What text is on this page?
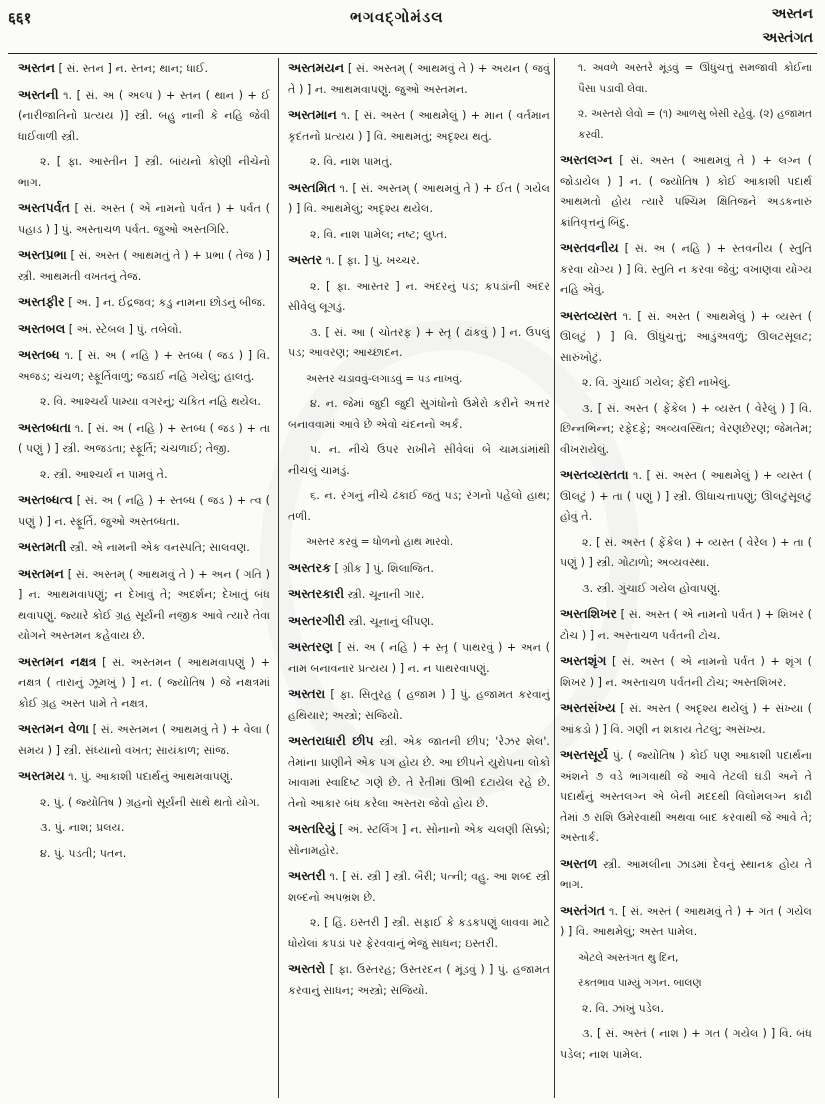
६६१	ભગવદ્ગોમંડલ	અસ્તન
અસ્તંગત
અસ્તન [ સં. સ્તન ] ન. સ્તન; થાન; ધાઈ.
અસ્તની ૧. [ સં. અ ( અલ્પ ) + સ્તન ( થાન ) + ઈ (નારીજાતિનો પ્રત્યય )] સ્ત્રી. બહુ નાની કે નહિ જેવી ધાઈવાળી સ્ત્રી.
૨. [ ફા. આસ્તીન ] સ્ત્રી. બાંયનો કોણી નીચેનો ભાગ.
અસ્તપર્વત [ સં. અસ્ત ( એ નામનો પર્વત ) + પર્વત ( પહાડ ) ] પું. અસ્તાચળ પર્વત. જુઓ અસ્તગિરિ.
અસ્તપ્રભા [ સં. અસ્ત ( આથમતું તે ) + પ્રભા ( તેજ ) ] સ્ત્રી. આથમતી વખતનું તેજ.
અસ્તફીર [ અ. ] ન. ઈદ્રજવ; કડુ નામના છોડનું બીજ.
અસ્તબલ [ અં. સ્ટેબલ ] પું. તબેલો.
અસ્તબ્ધ ૧. [ સં. અ ( નહિ ) + સ્તબ્ધ ( જડ ) ] વિ. અજડ; ચંચળ; સ્ફૂર્તિવાળું; જડાઈ નહિ ગયેલું; હાલતું.
૨. વિ. આશ્ચર્ય પામ્યા વગરનું; ચકિત નહિ થયેલ.
અસ્તબ્ધતા ૧. [ સં. અ ( નહિ ) + સ્તબ્ધ ( જડ ) + તા ( પણું ) ] સ્ત્રી. અજડતા; સ્ફૂર્તિ; ચંચળાઈ; તેજી.
૨. સ્ત્રી. આશ્ચર્ય ન પામવું તે.
અસ્તબ્ધત્વ [ સં. અ ( નહિ ) + સ્તબ્ધ ( જડ ) + ત્વ ( પણું ) ] ન. સ્ફૂર્તિ. જુઓ અસ્તબ્ધતા.
અસ્તમતી સ્ત્રી. એ નામની એક વનસ્પતિ; સાલવણ.
અસ્તમન [ સં. અસ્તમ્ ( આથમવું તે ) + અન ( ગતિ ) ] ન. આથમવાપણું; ન દેખાવું તે; અદર્શન; દેખાતું બંધ થવાપણું. જ્યારે કોઈ ગ્રહ સૂર્યની નજીક આવે ત્યારે તેવા યોગને અસ્તમન કહેવાય છે.
અસ્તમન નક્ષત્ર [ સં. અસ્તમન ( આથમવાપણું ) + નક્ષત્ર ( તારાનું ઝૂમખું ) ] ન. ( જ્યોતિષ ) જે નક્ષત્રમાં કોઈ ગ્રહ અસ્ત પામે તે નક્ષત્ર.
અસ્તમન વેળા [ સં. અસ્તમન ( આથમવું તે ) + વેલા ( સમય ) ] સ્ત્રી. સંધ્યાનો વખત; સાયંકાળ; સાંજ.
અસ્તમય ૧. પું. આકાશી પદાર્થનું આથમવાપણું.
૨. પું. ( જ્યોતિષ ) ગ્રહનો સૂર્યની સાથે થતો યોગ.
૩. પું. નાશ; પ્રલય.
૪. પું. પડતી; પતન.
અસ્તમયન [ સં. અસ્તમ્ ( આથમવું તે ) + અયન ( જવું તે ) ] ન. આથમવાપણું. જુઓ અસ્તમન.
અસ્તમાન ૧. [ સં. અસ્ત ( આથમેલું ) + માન ( વર્તમાન કૃદંતનો પ્રત્યય ) ] વિ. આથમતું; અદૃશ્ય થતું.
૨. વિ. નાશ પામતું.
અસ્તમિત ૧. [ સં. અસ્તમ્ ( આથમવું તે ) + ઈત ( ગયેલ ) ] વિ. આથમેલું; અદૃશ્ય થયેલ.
૨. વિ. નાશ પામેલ; નષ્ટ; લુપ્ત.
અસ્તર ૧. [ ફા. ] પું. ખચ્ચર.
૨. [ ફા. આસ્તર ] ન. અંદરનું પડ; કપડાંની અંદર સીવેલું લૂગડું.
૩. [ સં. આ ( ચોતરફ ) + સ્તૃ ( ઢાંકવું ) ] ન. ઉપલું પડ; આવરણ; આચ્છાદન.
અસ્તર ચડાવવું-લગાડવું = પડ નાખવું.
૪. ન. જેમાં જુદી જુદી સુગંધોનો ઉમેરો કરીને અત્તર બનાવવામાં આવે છે એવો ચંદનનો અર્ક.
૫. ન. નીચે ઉપર રાખીને સીવેલાં બે ચામડાંમાંથી નીચલું ચામડું.
૬. ન. રંગનું નીચે ઢંકાઈ જતું પડ; રંગનો પહેલો હાથ; તળી.
અસ્તર કરવું = ધોળનો હાથ મારવો.
અસ્તરક [ ગ્રીક ] પું. શિલાજિત.
અસ્તરકારી સ્ત્રી. ચૂનાની ગાર.
અસ્તરગીરી સ્ત્રી. ચૂનાનું લીંપણ.
અસ્તરણ [ સં. અ ( નહિ ) + સ્તૃ ( પાથરવું ) + અન ( નામ બનાવનાર પ્રત્યય ) ] ન. ન પાથરવાપણું.
અસ્તરા [ ફા. સિતુરહ ( હજામ ) ] પું. હજામત કરવાનું હથિયાર; અસ્ત્રો; સજિયો.
અસ્તરાધારી છીપ સ્ત્રી. એક જાતની છીપ; 'રેઝર શેલ'. તેમાંના પ્રાણીને એક પગ હોય છે. આ છીપને યુરોપના લોકો ખાવામાં સ્વાદિષ્ટ ગણે છે. તે રેતીમાં ઊભી દટાયેલ રહે છે. તેનો આકાર બંધ કરેલા અસ્તરા જેવો હોય છે.
અસ્તરિયું [ અં. સ્ટર્લિંગ ] ન. સોનાનો એક ચલણી સિક્કો; સોનામહોર.
અસ્તરી ૧. [ સં. સ્ત્રી ] સ્ત્રી. બૈરી; પત્ની; વહુ. આ શબ્દ સ્ત્રી શબ્દનો અપભ્રંશ છે.
૨. [ હિં. ઇસ્તરી ] સ્ત્રી. સફાઈ કે કડકપણું લાવવા માટે ધોયેલાં કપડાં પર ફેરવવાનું ભેજું સાધન; ઇસ્તરી.
અસ્તરો [ ફા. ઉસ્તરહ; ઉસ્તરદન ( મૂંડવું ) ] પું. હજામત કરવાનું સાધન; અસ્ત્રો; સજિયો.
૧. અવળે અસ્તરે મૂંડવું = ઊંધુંચત્તું સમજાવી કોઈના પૈસા પડાવી લેવા.
૨. અસ્તરો લેવો = (૧) આળસુ બેસી રહેવું. (૨) હજામત કરવી.
અસ્તલગ્ન [ સં. અસ્ત ( આથમવું તે ) + લગ્ન ( જોડાયેલ ) ] ન. ( જ્યોતિષ ) કોઈ આકાશી પદાર્થ આથમતો હોય ત્યારે પશ્ચિમ ક્ષિતિજને અડકનારું ક્રાંતિવૃત્તનું બિંદુ.
અસ્તવનીય [ સં. અ ( નહિ ) + સ્તવનીય ( સ્તુતિ કરવા યોગ્ય ) ] વિ. સ્તુતિ ન કરવા જેવું; વખાણવા યોગ્ય નહિ એવું.
અસ્તવ્યસ્ત ૧. [ સં. અસ્ત ( આથમેલું ) + વ્યસ્ત ( ઊલટું ) ] વિ. ઊંધુંચત્તું; આડુંઅવળું; ઊલટસૂલટ; સારુંખોટું.
૨. વિ. ગુંચાઈ ગયેલ; ફેંદી નાખેલું.
૩. [ સં. અસ્ત ( ફેંકેલ ) + વ્યસ્ત ( વેરેલું ) ] વિ. છિન્નભિન્ન; રફેદફે; અવ્યવસ્થિત; વેરણછેરણ; જેમતેમ; વીખરાયેલું.
અસ્તવ્યસ્તતા ૧. [ સં. અસ્ત ( આથમેલું ) + વ્યસ્ત ( ઊલટું ) + તા ( પણું ) ] સ્ત્રી. ઊંધાચત્તાપણું; ઊલટુંસૂલટું હોવું તે.
૨. [ સં. અસ્ત ( ફેંકેલ ) + વ્યસ્ત ( વેરેલ ) + તા ( પણું ) ] સ્ત્રી. ગોટાળો; અવ્યવસ્થા.
૩. સ્ત્રી. ગુંચાઈ ગયેલ હોવાપણું.
અસ્તશિખર [ સં. અસ્ત ( એ નામનો પર્વત ) + શિખર ( ટોચ ) ] ન. અસ્તાચળ પર્વતની ટોચ.
અસ્તશૃંગ [ સં. અસ્ત ( એ નામનો પર્વત ) + શૃંગ ( શિખર ) ] ન. અસ્તાચળ પર્વતની ટોચ; અસ્તશિખર.
અસ્તસંખ્ય [ સં. અસ્ત ( અદૃશ્ય થયેલું ) + સંખ્યા ( આંકડો ) ] વિ. ગણી ન શકાય તેટલું; અસંખ્ય.
અસ્તસૂર્ય પું. ( જ્યોતિષ ) કોઈ પણ આકાશી પદાર્થના અંશને ૭ વડે ભાગવાથી જે આવે તેટલી ઘડી અને તે પદાર્થનું અસ્તલગ્ન એ બેની મદદથી વિલોમલગ્ન કાઢી તેમાં ૭ રાશિ ઉમેરવાથી અથવા બાદ કરવાથી જે આવે તે; અસ્તાર્ક.
અસ્તળ સ્ત્રી. આમલીના ઝાડમાં દેવનું સ્થાનક હોય તે ભાગ.
અસ્તંગત ૧. [ સં. અસ્તં ( આથમવું તે ) + ગત ( ગયેલ ) ] વિ. આથમેલું; અસ્ત પામેલ.
એટલે અસ્તંગત થુ દિન,
રક્તભાવ પામ્યું ગગન. બાલણ
૨. વિ. ઝાંખું પડેલ.
૩. [ સં. અસ્તં ( નાશ ) + ગત ( ગયેલ ) ] વિ. બંધ પડેલ; નાશ પામેલ.
